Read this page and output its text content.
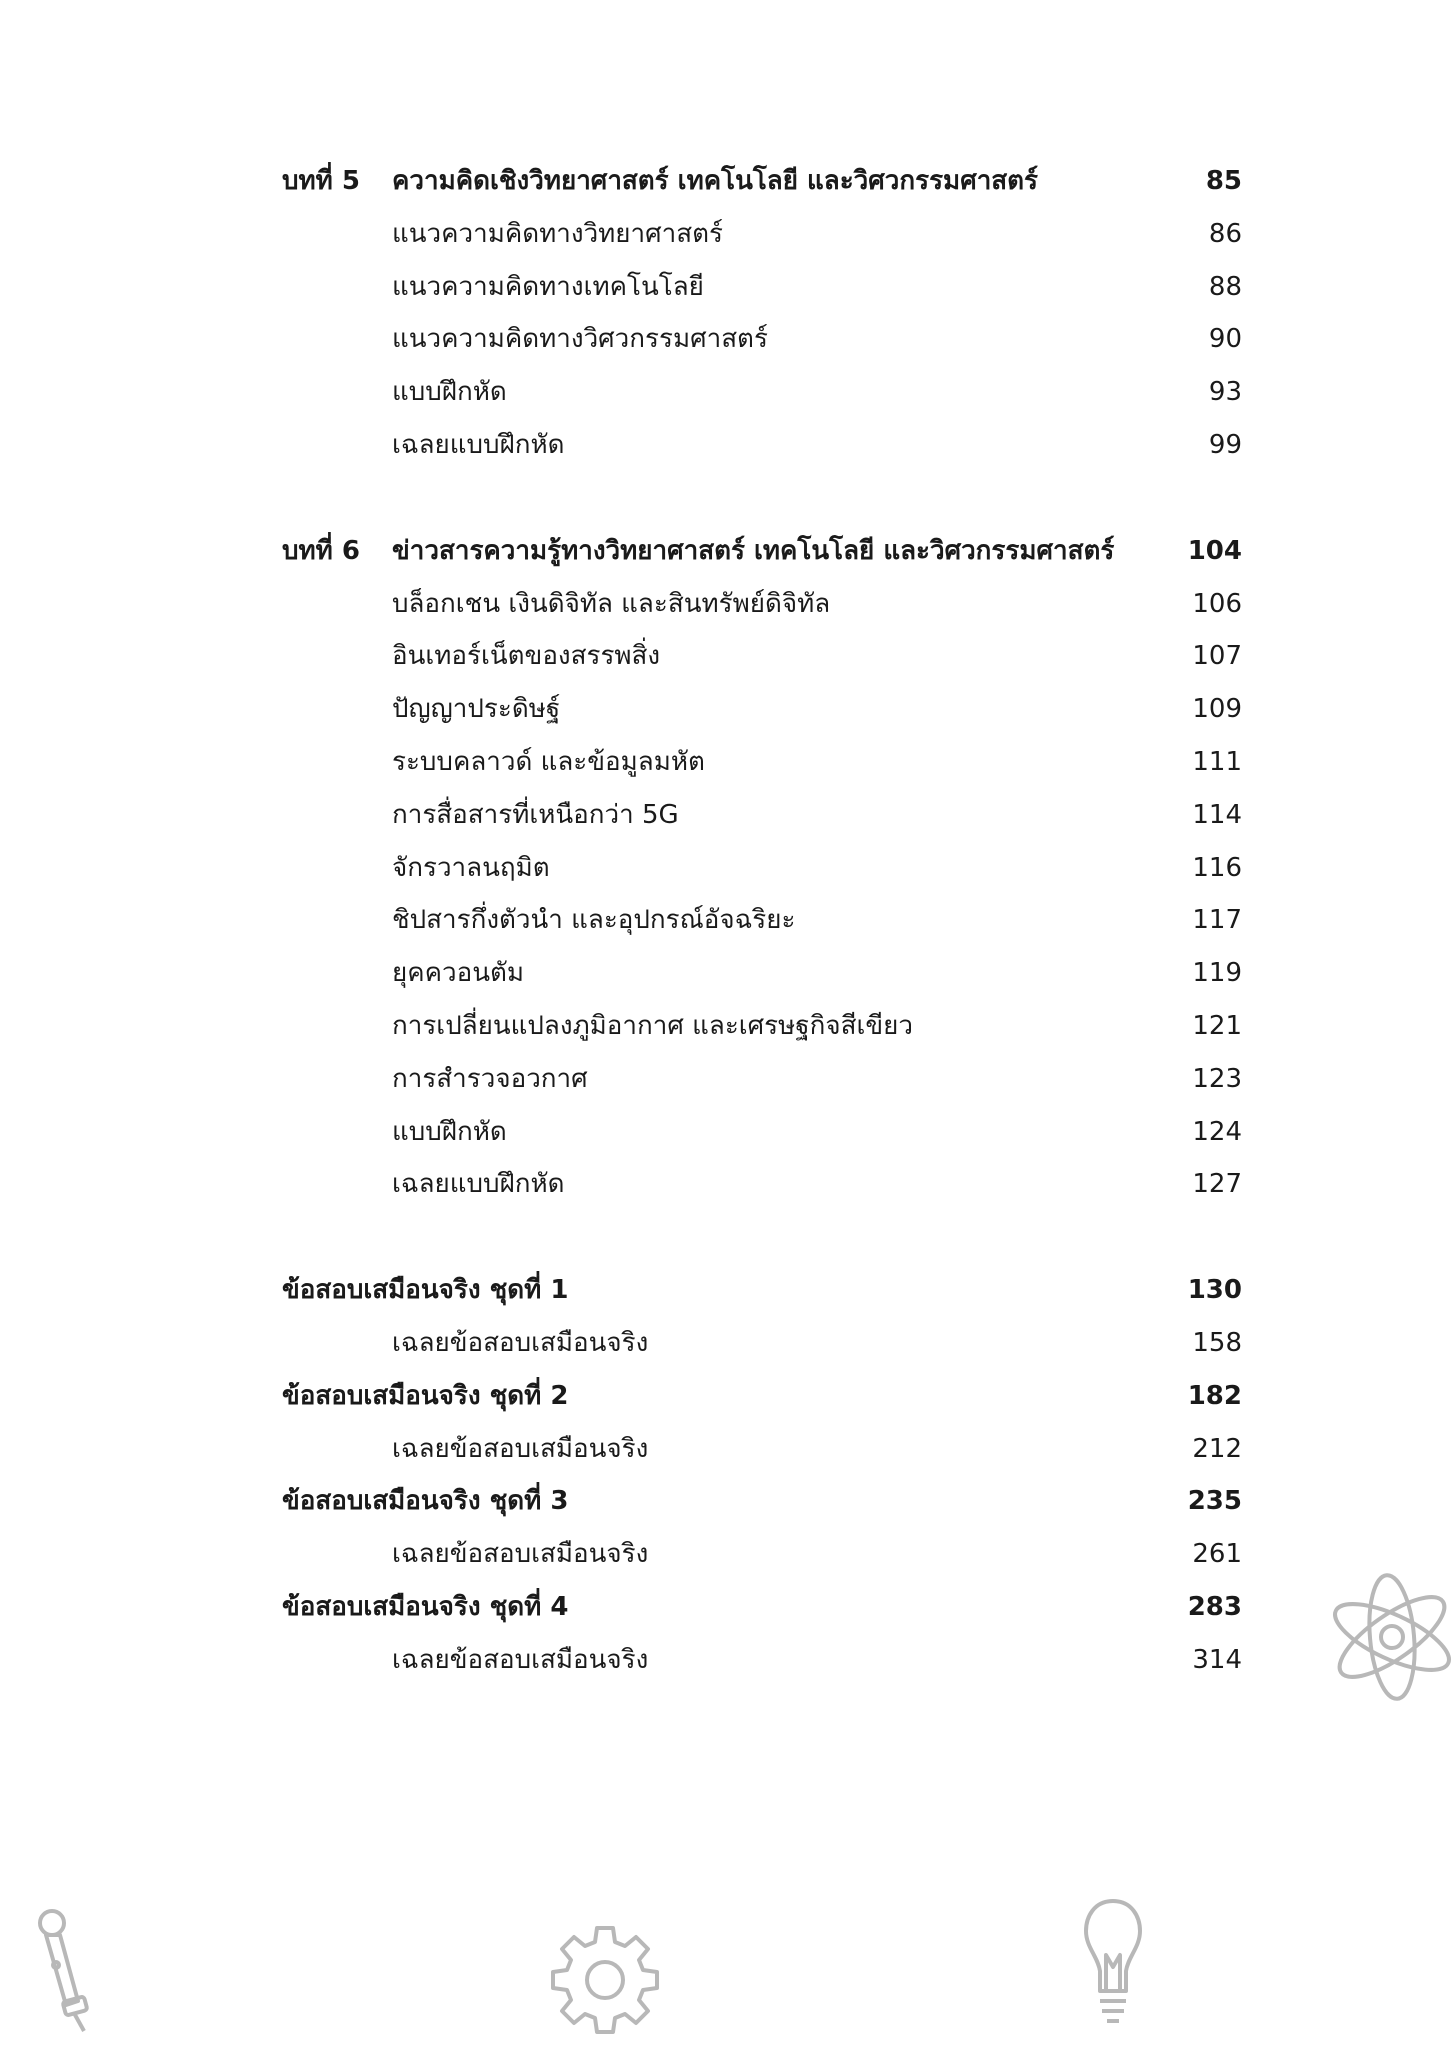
บทที่ 5 ความคิดเชิงวิทยาศาสตร์ เทคโนโลยี และวิศวกรรมศาสตร์	85
แนวความคิดทางวิทยาศาสตร์	86
แนวความคิดทางเทคโนโลยี	88
แนวความคิดทางวิศวกรรมศาสตร์	90
แบบฝึกหัด	93
เฉลยแบบฝึกหัด	99
บทที่ 6 ข่าวสารความรู้ทางวิทยาศาสตร์ เทคโนโลยี และวิศวกรรมศาสตร์	104
บล็อกเชน เงินดิจิทัล และสินทรัพย์ดิจิทัล	106
อินเทอร์เน็ตของสรรพสิ่ง	107
ปัญญาประดิษฐ์	109
ระบบคลาวด์ และข้อมูลมหัต	111
การสื่อสารที่เหนือกว่า 5G	114
จักรวาลนฤมิต	116
ชิปสารกึ่งตัวนำ และอุปกรณ์อัจฉริยะ	117
ยุคควอนตัม	119
การเปลี่ยนแปลงภูมิอากาศ และเศรษฐกิจสีเขียว	121
การสำรวจอวกาศ	123
แบบฝึกหัด	124
เฉลยแบบฝึกหัด	127
ข้อสอบเสมือนจริง ชุดที่ 1	130
เฉลยข้อสอบเสมือนจริง	158
ข้อสอบเสมือนจริง ชุดที่ 2	182
เฉลยข้อสอบเสมือนจริง	212
ข้อสอบเสมือนจริง ชุดที่ 3	235
เฉลยข้อสอบเสมือนจริง	261
ข้อสอบเสมือนจริง ชุดที่ 4	283
เฉลยข้อสอบเสมือนจริง	314
